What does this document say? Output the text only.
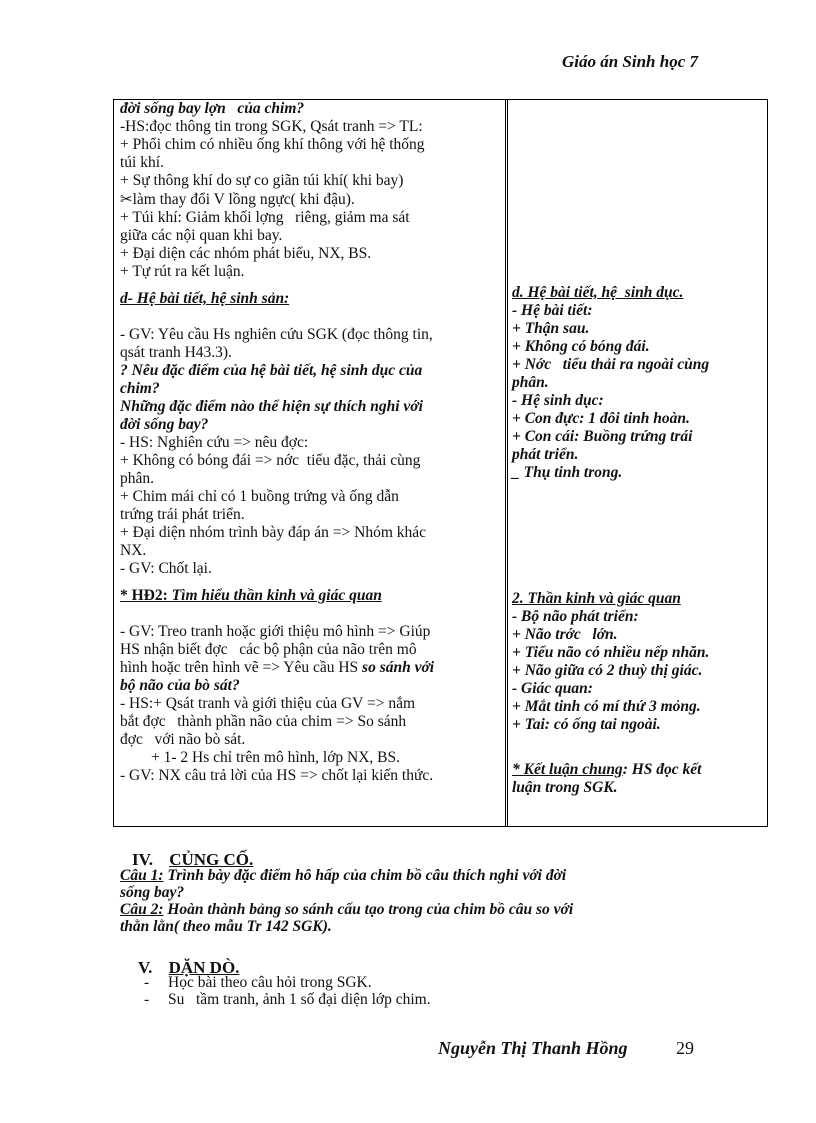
Giáo án Sinh học 7
đời sống bay lợn   của chim?
-HS:đọc thông tin trong SGK, Qsát tranh => TL:
+ Phổi chim có nhiều ống khí thông với hệ thống
túi khí.
+ Sự thông khí do sự co giãn túi khí( khi bay)
✂làm thay đổi V lồng ngực( khi đậu).
+ Túi khí: Giảm khối lợng   riêng, giảm ma sát
giữa các nội quan khi bay.
+ Đại diện các nhóm phát biểu, NX, BS.
+ Tự rút ra kết luận.
d- Hệ bài tiết, hệ sinh sản:
- GV: Yêu cầu Hs nghiên cứu SGK (đọc thông tin,
qsát tranh H43.3).
? Nêu đặc điểm của hệ bài tiết, hệ sinh dục của
chim?
Những đặc điểm nào thể hiện sự thích nghi với
đời sống bay?
- HS: Nghiên cứu => nêu đợc:
+ Không có bóng đái => nớc  tiểu đặc, thải cùng
phân.
+ Chim mái chỉ có 1 buồng trứng và ống dẫn
trứng trái phát triển.
+ Đại diện nhóm trình bày đáp án => Nhóm khác
NX.
- GV: Chốt lại.
* HĐ2: Tìm hiểu thần kinh và giác quan
- GV: Treo tranh hoặc giới thiệu mô hình => Giúp
HS nhận biết đợc   các bộ phận của não trên mô
hình hoặc trên hình vẽ => Yêu cầu HS so sánh với
bộ não của bò sát?
- HS:+ Qsát tranh và giới thiệu của GV => nắm
bắt đợc   thành phần não của chim => So sánh
đợc   với não bò sát.
+ 1- 2 Hs chỉ trên mô hình, lớp NX, BS.
- GV: NX câu trả lời của HS => chốt lại kiến thức.
d. Hệ bài tiết, hệ  sinh dục.
- Hệ bài tiết:
+ Thận sau.
+ Không có bóng đái.
+ Nớc   tiểu thải ra ngoài cùng
phân.
- Hệ sinh dục:
+ Con đực: 1 đôi tinh hoàn.
+ Con cái: Buồng trứng trái
phát triển.
_ Thụ tinh trong.
2. Thần kinh và giác quan
- Bộ não phát triển:
+ Não trớc   lớn.
+ Tiểu não có nhiều nếp nhăn.
+ Não giữa có 2 thuỳ thị giác.
- Giác quan:
+ Mắt tinh có mí thứ 3 mỏng.
+ Tai: có ống tai ngoài.
* Kết luận chung: HS đọc kết
luận trong SGK.
IV. CỦNG CỐ.
Câu 1: Trình bày đặc điểm hô hấp của chim bồ câu thích nghi với đời
sống bay?
Câu 2: Hoàn thành bảng so sánh cấu tạo trong của chim bồ câu so với
thằn lằn( theo mẫu Tr 142 SGK).
V. DẶN DÒ.
- Học bài theo câu hỏi trong SGK.
- Su   tầm tranh, ảnh 1 số đại diện lớp chim.
Nguyễn Thị Thanh Hồng	29
